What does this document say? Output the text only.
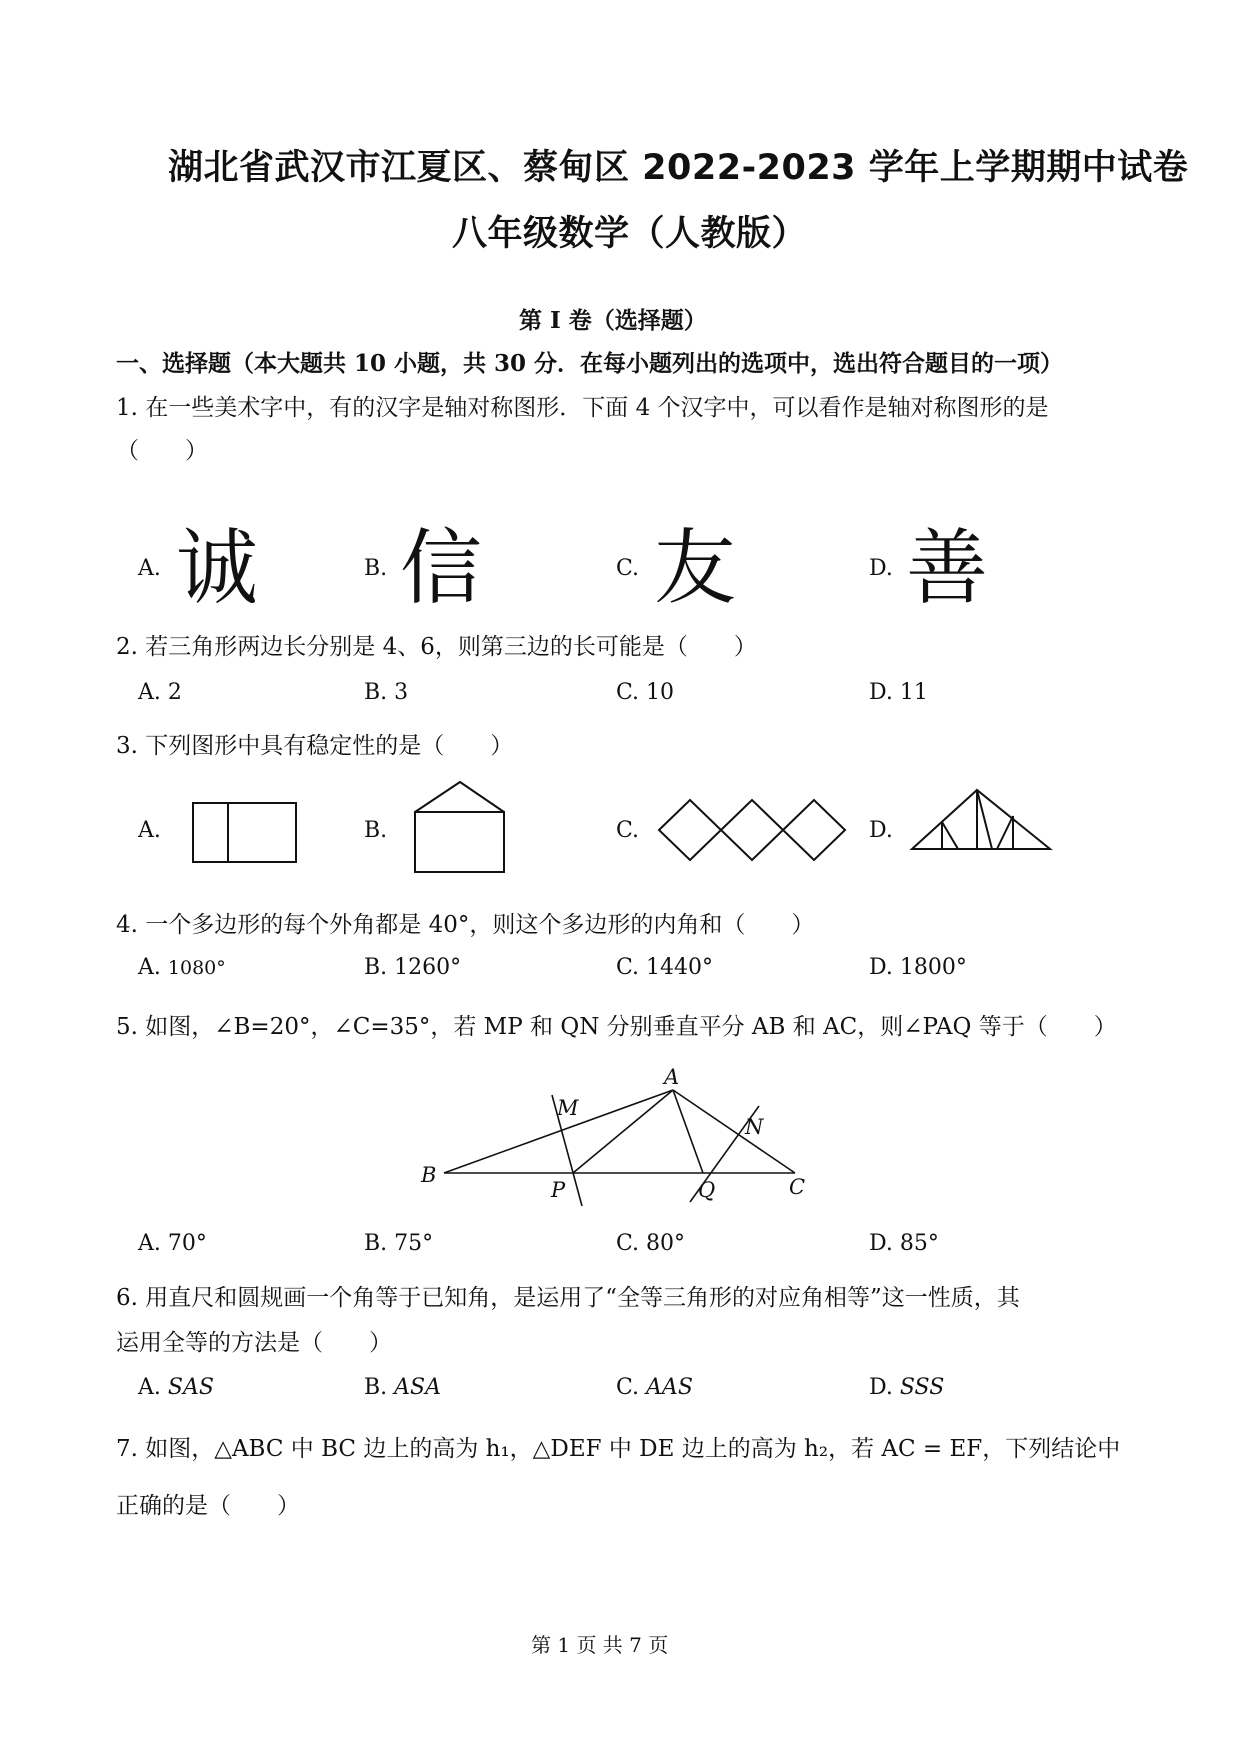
湖北省武汉市江夏区、蔡甸区 2022-2023 学年上学期期中试卷
八年级数学（人教版）
第 I 卷（选择题）
一、选择题（本大题共 10 小题，共 30 分．在每小题列出的选项中，选出符合题目的一项）
1. 在一些美术字中，有的汉字是轴对称图形．下面 4 个汉字中，可以看作是轴对称图形的是
（　　）
A. 诚	B. 信	C. 友	D. 善
2. 若三角形两边长分别是 4、6，则第三边的长可能是（　　）
A. 2	B. 3	C. 10	D. 11
3. 下列图形中具有稳定性的是（　　）
A.	B.	C.	D.
4. 一个多边形的每个外角都是 40°，则这个多边形的内角和（　　）
A. 1080°	B. 1260°	C. 1440°	D. 1800°
5. 如图，∠B=20°，∠C=35°，若 MP 和 QN 分别垂直平分 AB 和 AC，则∠PAQ 等于（　　）
A
M
N
B
P	Q	C
A. 70°	B. 75°	C. 80°	D. 85°
6. 用直尺和圆规画一个角等于已知角，是运用了“全等三角形的对应角相等”这一性质，其
运用全等的方法是（　　）
A. SAS	B. ASA	C. AAS	D. SSS
7. 如图，△ABC 中 BC 边上的高为 h₁，△DEF 中 DE 边上的高为 h₂，若 AC = EF，下列结论中
正确的是（　　）
第 1 页 共 7 页
